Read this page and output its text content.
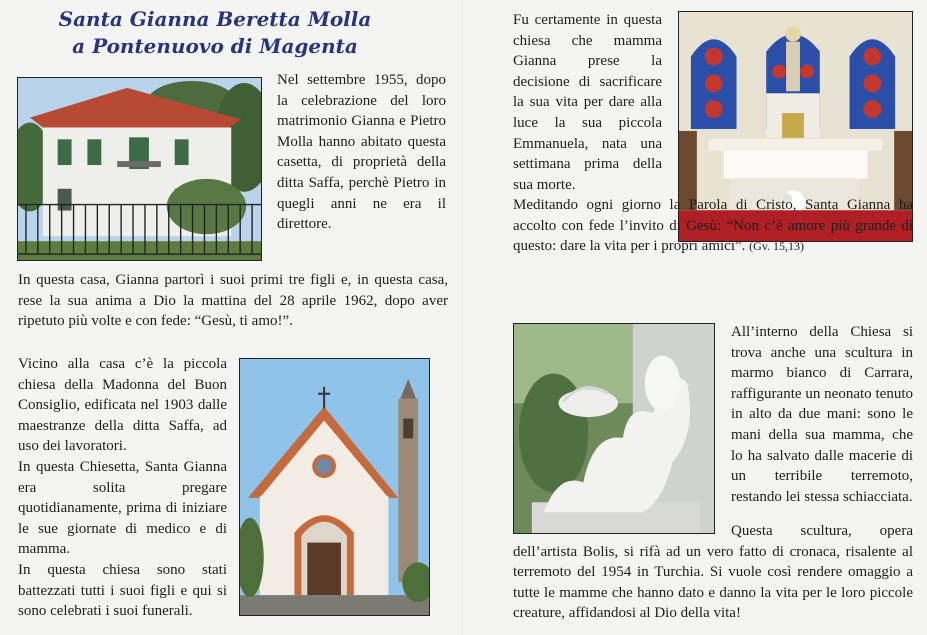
Santa Gianna Beretta Molla
a Pontenuovo di Magenta

Nel settembre 1955, dopo la celebrazione del loro matrimonio Gianna e Pietro Molla hanno abitato questa casetta, di proprietà della ditta Saffa, perchè Pietro in quegli anni ne era il direttore.

In questa casa, Gianna partorì i suoi primi tre figli e, in questa casa, rese la sua anima a Dio la mattina del 28 aprile 1962, dopo aver ripetuto più volte e con fede: “Gesù, ti amo!”.

Vicino alla casa c’è la piccola chiesa della Madonna del Buon Consiglio, edificata nel 1903 dalle maestranze della ditta Saffa, ad uso dei lavoratori.

In questa Chiesetta, Santa Gianna era solita pregare quotidianamente, prima di iniziare le sue giornate di medico e di mamma.

In questa chiesa sono stati battezzati tutti i suoi figli e qui si sono celebrati i suoi funerali.

Fu certamente in questa chiesa che mamma Gianna prese la decisione di sacrificare la sua vita per dare alla luce la sua piccola Emmanuela, nata una settimana prima della sua morte.

Meditando ogni giorno la Parola di Cristo, Santa Gianna ha accolto con fede l’invito di Gesù: “Non c’è amore più grande di questo: dare la vita per i propri amici”. (Gv. 15,13)

All’interno della Chiesa si trova anche una scultura in marmo bianco di Carrara, raffigurante un neonato tenuto in alto da due mani: sono le mani della sua mamma, che lo ha salvato dalle macerie di un terribile terremoto, restando lei stessa schiacciata.

Questa scultura, opera dell’artista Bolis, si rifà ad un vero fatto di cronaca, risalente al terremoto del 1954 in Turchia. Si vuole così rendere omaggio a tutte le mamme che hanno dato e danno la vita per le loro piccole creature, affidandosi al Dio della vita!
